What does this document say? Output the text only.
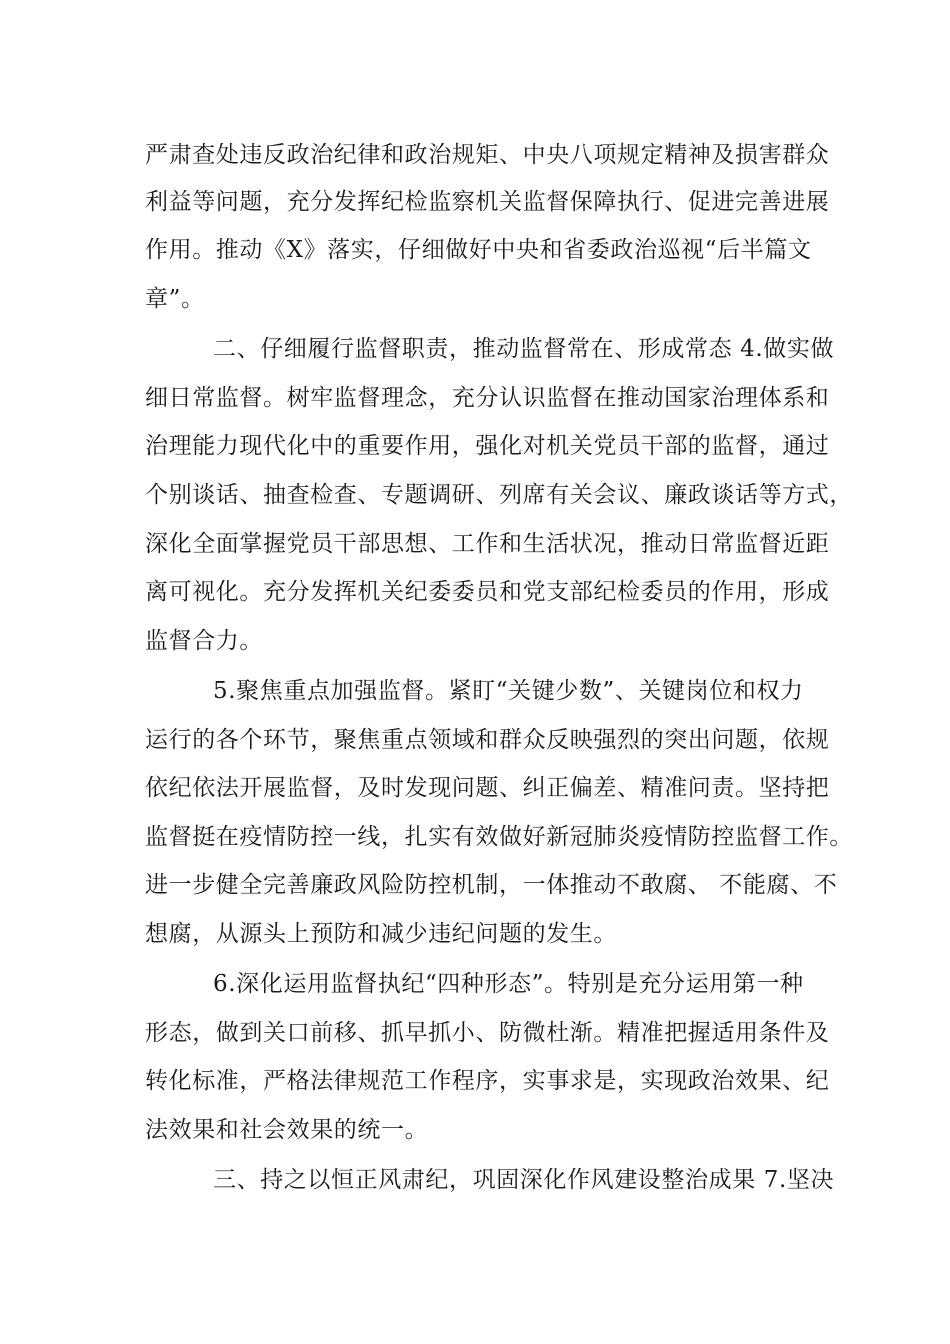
严肃查处违反政治纪律和政治规矩、中央八项规定精神及损害群众
利益等问题，充分发挥纪检监察机关监督保障执行、促进完善进展
作用。推动《X》落实，仔细做好中央和省委政治巡视“后半篇文
章”。
二、仔细履行监督职责，推动监督常在、形成常态 4.做实做
细日常监督。树牢监督理念，充分认识监督在推动国家治理体系和
治理能力现代化中的重要作用，强化对机关党员干部的监督，通过
个别谈话、抽查检查、专题调研、列席有关会议、廉政谈话等方式，
深化全面掌握党员干部思想、工作和生活状况，推动日常监督近距
离可视化。充分发挥机关纪委委员和党支部纪检委员的作用，形成
监督合力。
5.聚焦重点加强监督。紧盯“关键少数”、关键岗位和权力
运行的各个环节，聚焦重点领域和群众反映强烈的突出问题，依规
依纪依法开展监督，及时发现问题、纠正偏差、精准问责。坚持把
监督挺在疫情防控一线，扎实有效做好新冠肺炎疫情防控监督工作。
进一步健全完善廉政风险防控机制，一体推动不敢腐、 不能腐、不
想腐，从源头上预防和减少违纪问题的发生。
6.深化运用监督执纪“四种形态”。特别是充分运用第一种
形态，做到关口前移、抓早抓小、防微杜渐。精准把握适用条件及
转化标准，严格法律规范工作程序，实事求是，实现政治效果、纪
法效果和社会效果的统一。
三、持之以恒正风肃纪，巩固深化作风建设整治成果 7.坚决
